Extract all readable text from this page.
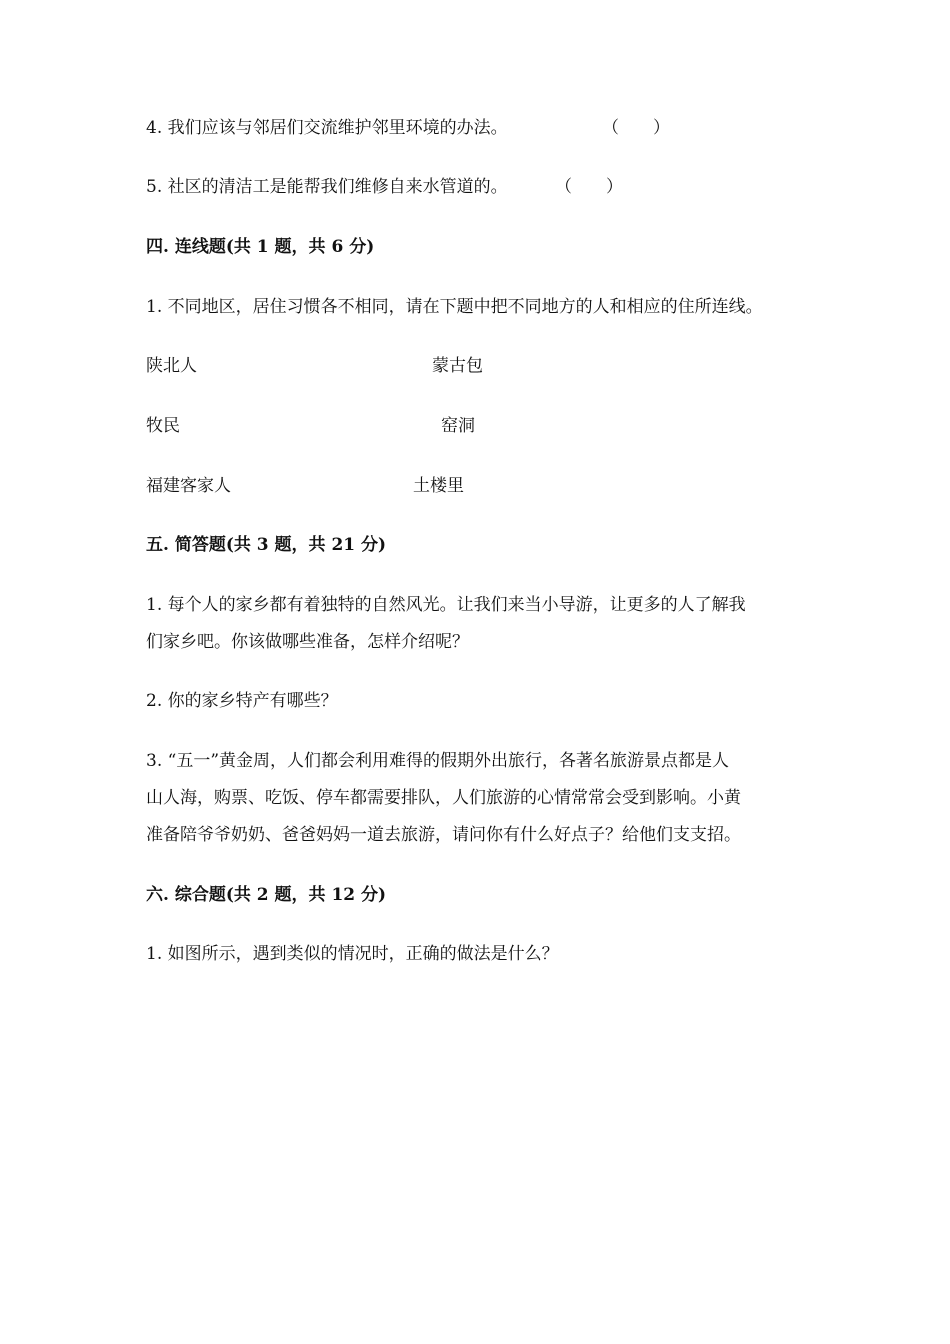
4. 我们应该与邻居们交流维护邻里环境的办法。	（　　）
5. 社区的清洁工是能帮我们维修自来水管道的。	（　　）
四. 连线题(共 1 题，共 6 分)
1. 不同地区，居住习惯各不相同，请在下题中把不同地方的人和相应的住所连线。
陕北人	蒙古包
牧民	窑洞
福建客家人	土楼里
五. 简答题(共 3 题，共 21 分)
1. 每个人的家乡都有着独特的自然风光。让我们来当小导游，让更多的人了解我
们家乡吧。你该做哪些准备，怎样介绍呢？
2. 你的家乡特产有哪些？
3. “五一”黄金周，人们都会利用难得的假期外出旅行，各著名旅游景点都是人
山人海，购票、吃饭、停车都需要排队，人们旅游的心情常常会受到影响。小黄
准备陪爷爷奶奶、爸爸妈妈一道去旅游，请问你有什么好点子？给他们支支招。
六. 综合题(共 2 题，共 12 分)
1. 如图所示，遇到类似的情况时，正确的做法是什么？
